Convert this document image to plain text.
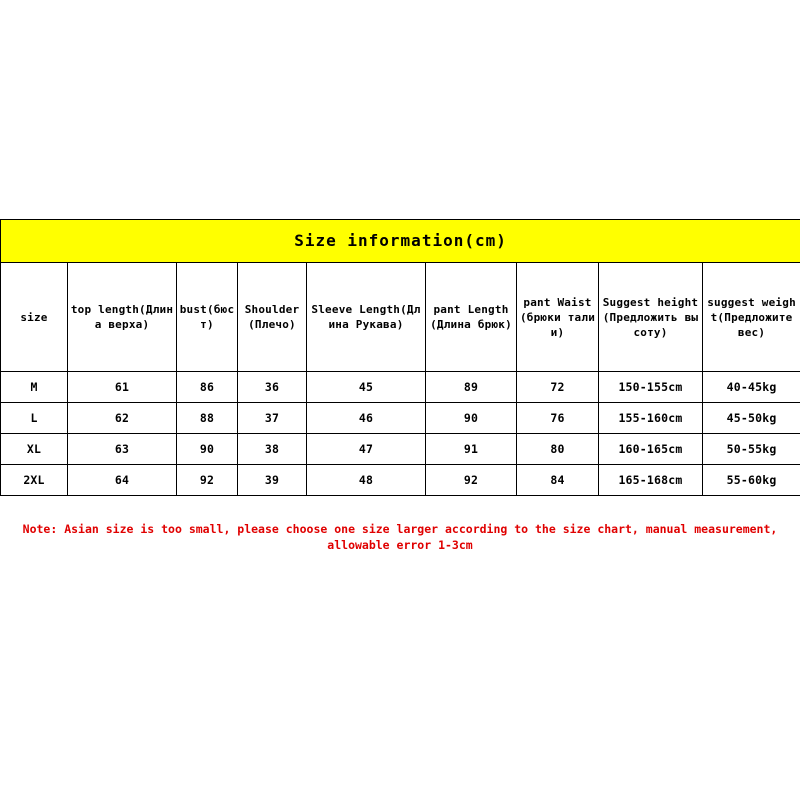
Size information(cm)								
size	top length(Длина верха)	bust(бюст)	Shoulder (Плечо)	Sleeve Length(Длина Рукава)	pant Length(Длина брюк)	pant Waist (брюки талии)	Suggest height(Предложить высоту)	suggest weight(Предложите вес)
M	61	86	36	45	89	72	150-155cm	40-45kg
L	62	88	37	46	90	76	155-160cm	45-50kg
XL	63	90	38	47	91	80	160-165cm	50-55kg
2XL	64	92	39	48	92	84	165-168cm	55-60kg
Note: Asian size is too small, please choose one size larger according to the size chart, manual measurement, allowable error 1-3cm
